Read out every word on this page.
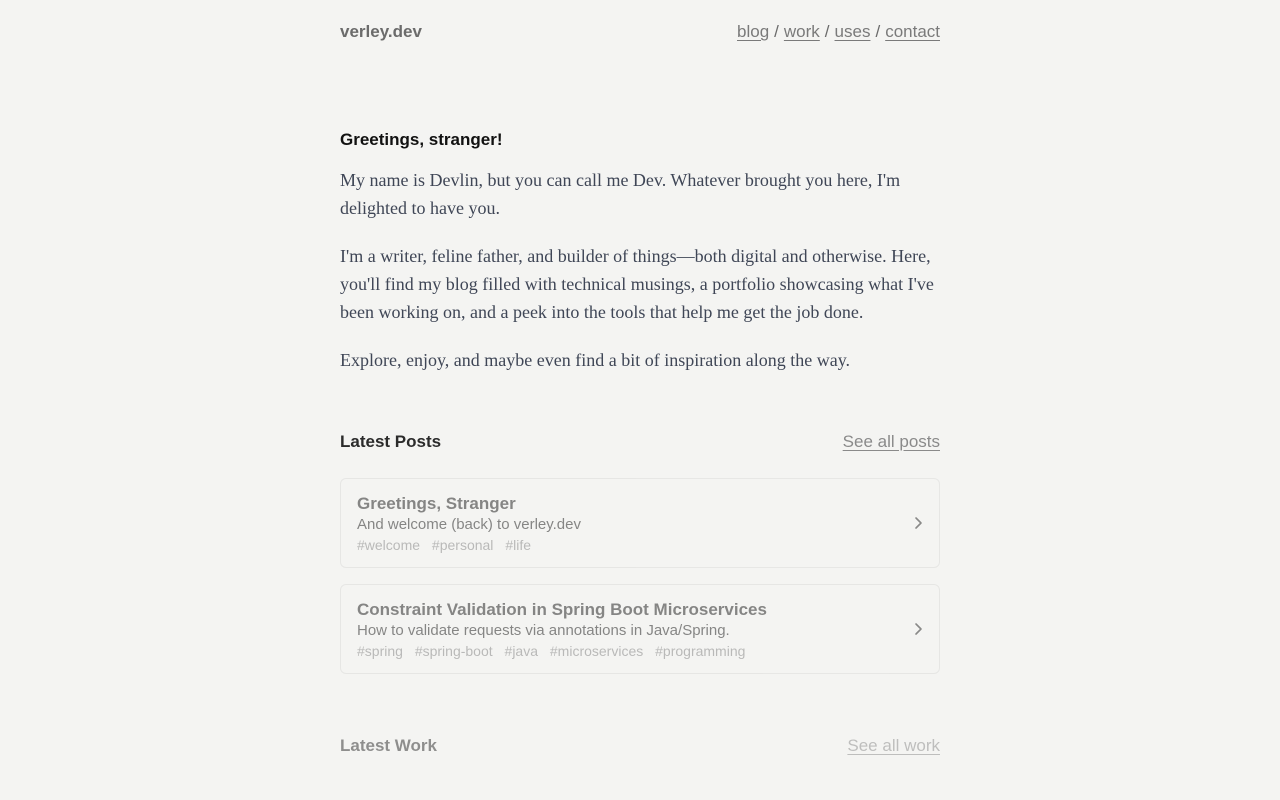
verley.dev	blog / work / uses / contact
Greetings, stranger!

My name is Devlin, but you can call me Dev. Whatever brought you here, I'm delighted to have you.

I'm a writer, feline father, and builder of things—both digital and otherwise. Here, you'll find my blog filled with technical musings, a portfolio showcasing what I've been working on, and a peek into the tools that help me get the job done.

Explore, enjoy, and maybe even find a bit of inspiration along the way.

Latest Posts	See all posts
Greetings, Stranger
And welcome (back) to verley.dev
#welcome #personal #life
Constraint Validation in Spring Boot Microservices
How to validate requests via annotations in Java/Spring.
#spring #spring-boot #java #microservices #programming
Latest Work	See all work
